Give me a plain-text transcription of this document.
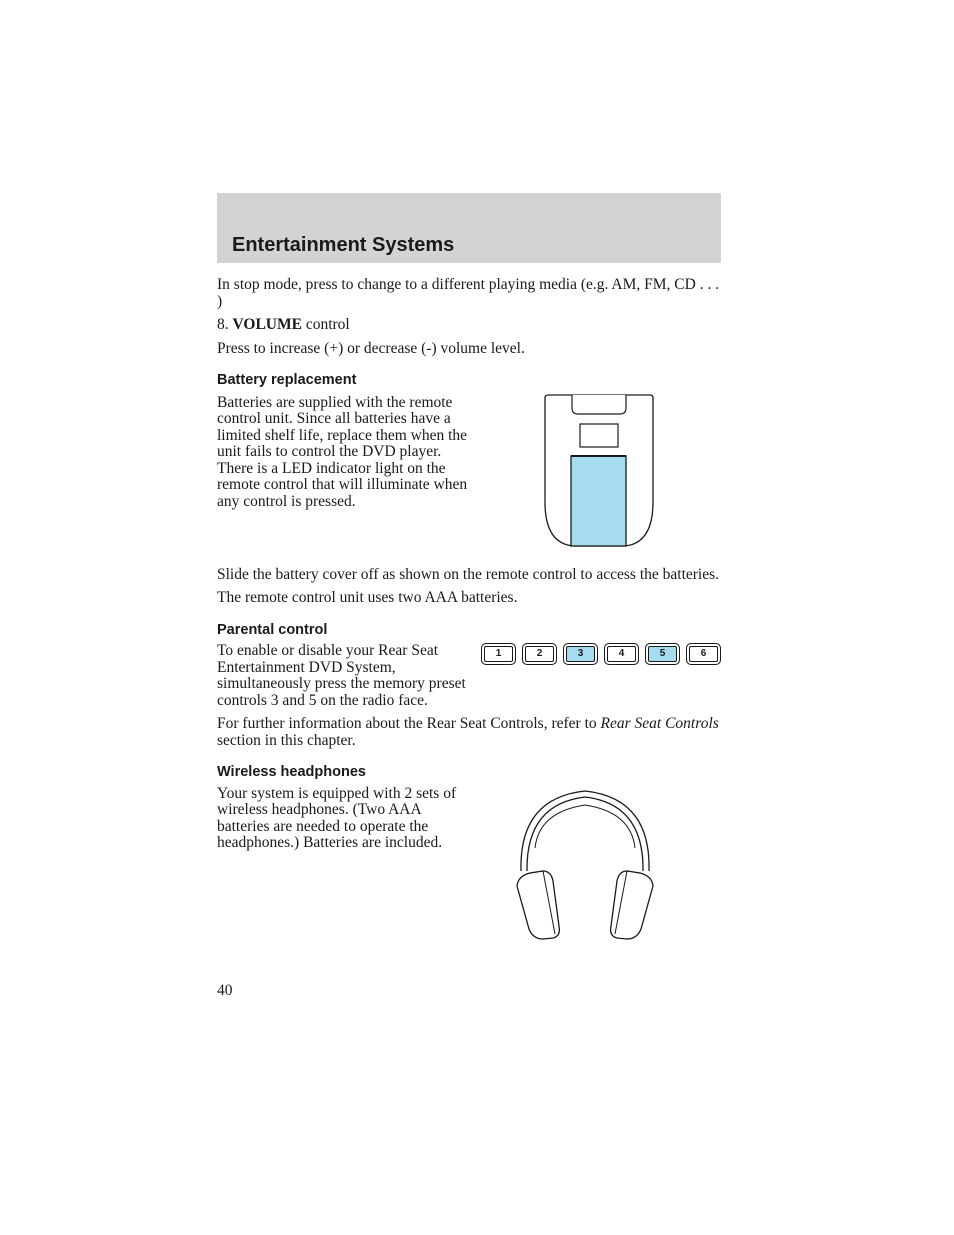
Entertainment Systems

In stop mode, press to change to a different playing media (e.g. AM, FM, CD . . . )

8. VOLUME control

Press to increase (+) or decrease (-) volume level.

Battery replacement

Batteries are supplied with the remote control unit. Since all batteries have a limited shelf life, replace them when the unit fails to control the DVD player. There is a LED indicator light on the remote control that will illuminate when any control is pressed.

Slide the battery cover off as shown on the remote control to access the batteries.

The remote control unit uses two AAA batteries.

Parental control

To enable or disable your Rear Seat Entertainment DVD System, simultaneously press the memory preset controls 3 and 5 on the radio face.

1	2	3	4	5	6

For further information about the Rear Seat Controls, refer to Rear Seat Controls section in this chapter.

Wireless headphones

Your system is equipped with 2 sets of wireless headphones. (Two AAA batteries are needed to operate the headphones.) Batteries are included.

40
